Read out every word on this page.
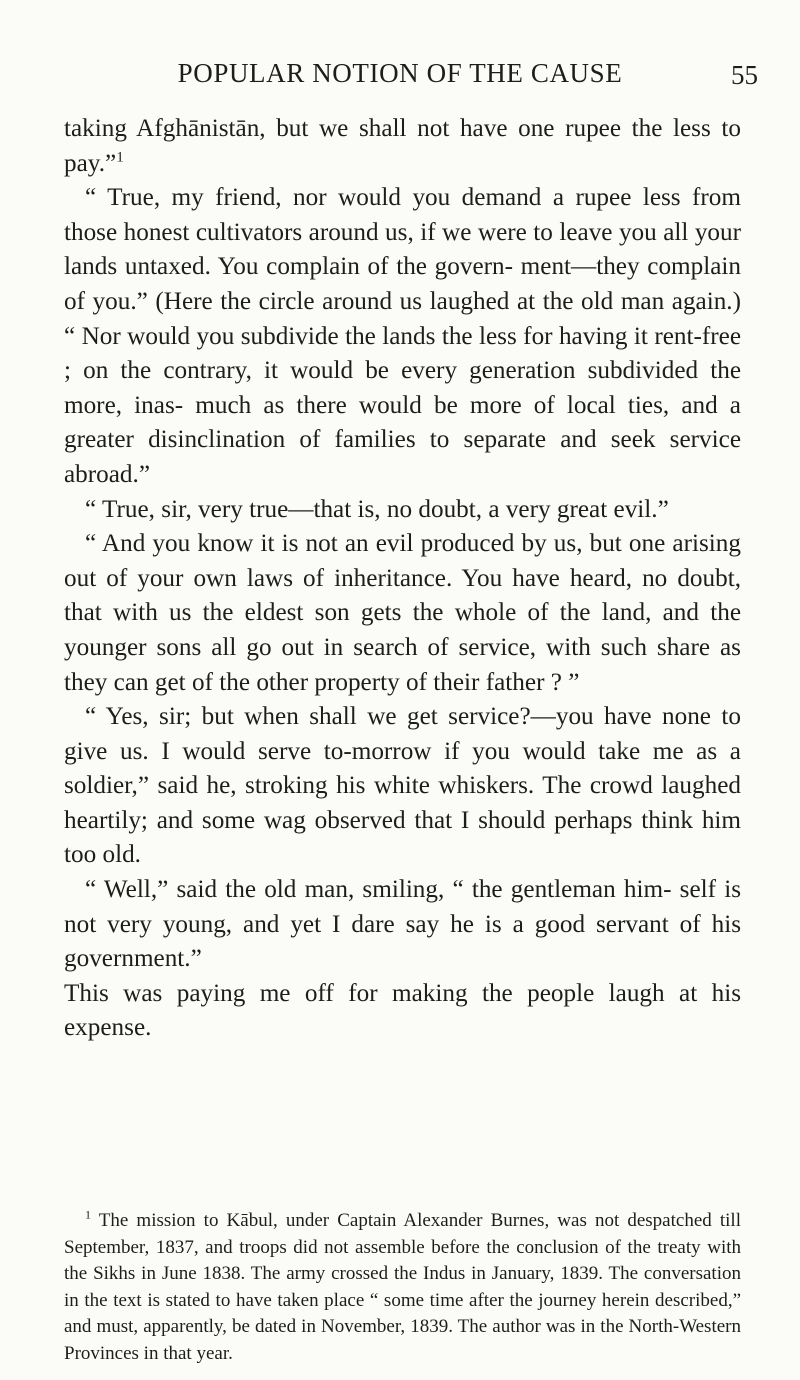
POPULAR NOTION OF THE CAUSE	55

taking Afghānistān, but we shall not have one rupee the less to pay.”$^1$

“ True, my friend, nor would you demand a rupee less from those honest cultivators around us, if we were to leave you all your lands untaxed. You complain of the govern- ment—they complain of you.” (Here the circle around us laughed at the old man again.) “ Nor would you subdivide the lands the less for having it rent-free ; on the contrary, it would be every generation subdivided the more, inas- much as there would be more of local ties, and a greater disinclination of families to separate and seek service abroad.”

“ True, sir, very true—that is, no doubt, a very great evil.”

“ And you know it is not an evil produced by us, but one arising out of your own laws of inheritance. You have heard, no doubt, that with us the eldest son gets the whole of the land, and the younger sons all go out in search of service, with such share as they can get of the other property of their father ? ”

“ Yes, sir; but when shall we get service?—you have none to give us. I would serve to-morrow if you would take me as a soldier,” said he, stroking his white whiskers. The crowd laughed heartily; and some wag observed that I should perhaps think him too old.

“ Well,” said the old man, smiling, “ the gentleman him- self is not very young, and yet I dare say he is a good servant of his government.”

This was paying me off for making the people laugh at his expense.

$^1$ The mission to Kābul, under Captain Alexander Burnes, was not despatched till September, 1837, and troops did not assemble before the conclusion of the treaty with the Sikhs in June 1838. The army crossed the Indus in January, 1839. The conversation in the text is stated to have taken place “ some time after the journey herein described,” and must, apparently, be dated in November, 1839. The author was in the North-Western Provinces in that year.
